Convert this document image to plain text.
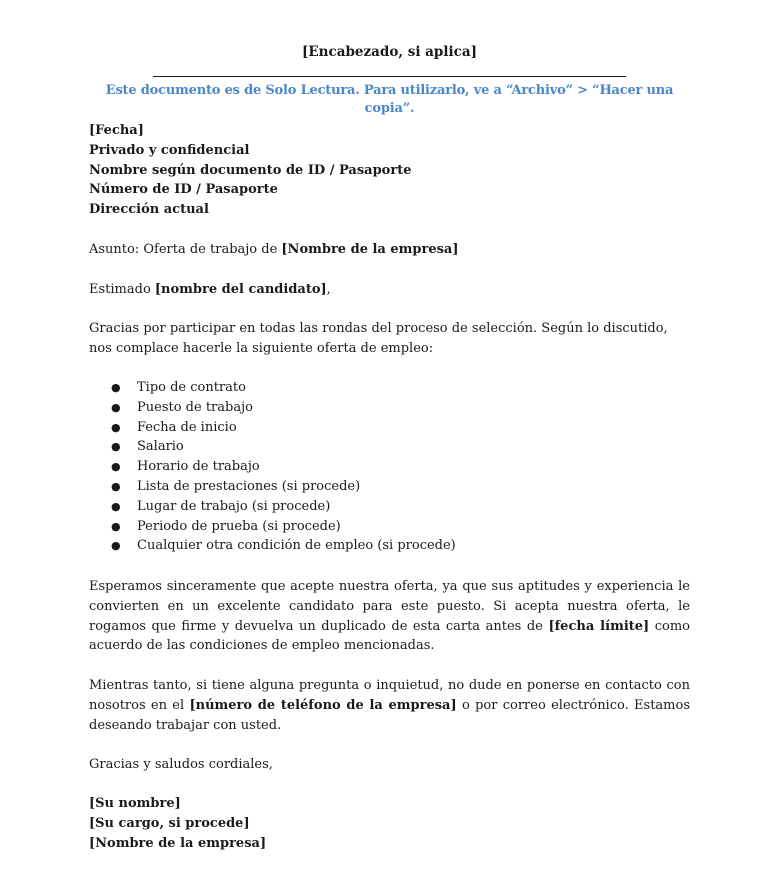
[Encabezado, si aplica]
Este documento es de Solo Lectura. Para utilizarlo, ve a “Archivo” > “Hacer una copia”.
[Fecha]
Privado y confidencial
Nombre según documento de ID / Pasaporte
Número de ID / Pasaporte
Dirección actual
Asunto: Oferta de trabajo de [Nombre de la empresa]
Estimado [nombre del candidato],
Gracias por participar en todas las rondas del proceso de selección. Según lo discutido, nos complace hacerle la siguiente oferta de empleo:
● Tipo de contrato
● Puesto de trabajo
● Fecha de inicio
● Salario
● Horario de trabajo
● Lista de prestaciones (si procede)
● Lugar de trabajo (si procede)
● Periodo de prueba (si procede)
● Cualquier otra condición de empleo (si procede)
Esperamos sinceramente que acepte nuestra oferta, ya que sus aptitudes y experiencia le convierten en un excelente candidato para este puesto. Si acepta nuestra oferta, le rogamos que firme y devuelva un duplicado de esta carta antes de [fecha límite] como acuerdo de las condiciones de empleo mencionadas.
Mientras tanto, si tiene alguna pregunta o inquietud, no dude en ponerse en contacto con nosotros en el [número de teléfono de la empresa] o por correo electrónico. Estamos deseando trabajar con usted.
Gracias y saludos cordiales,
[Su nombre]
[Su cargo, si procede]
[Nombre de la empresa]
